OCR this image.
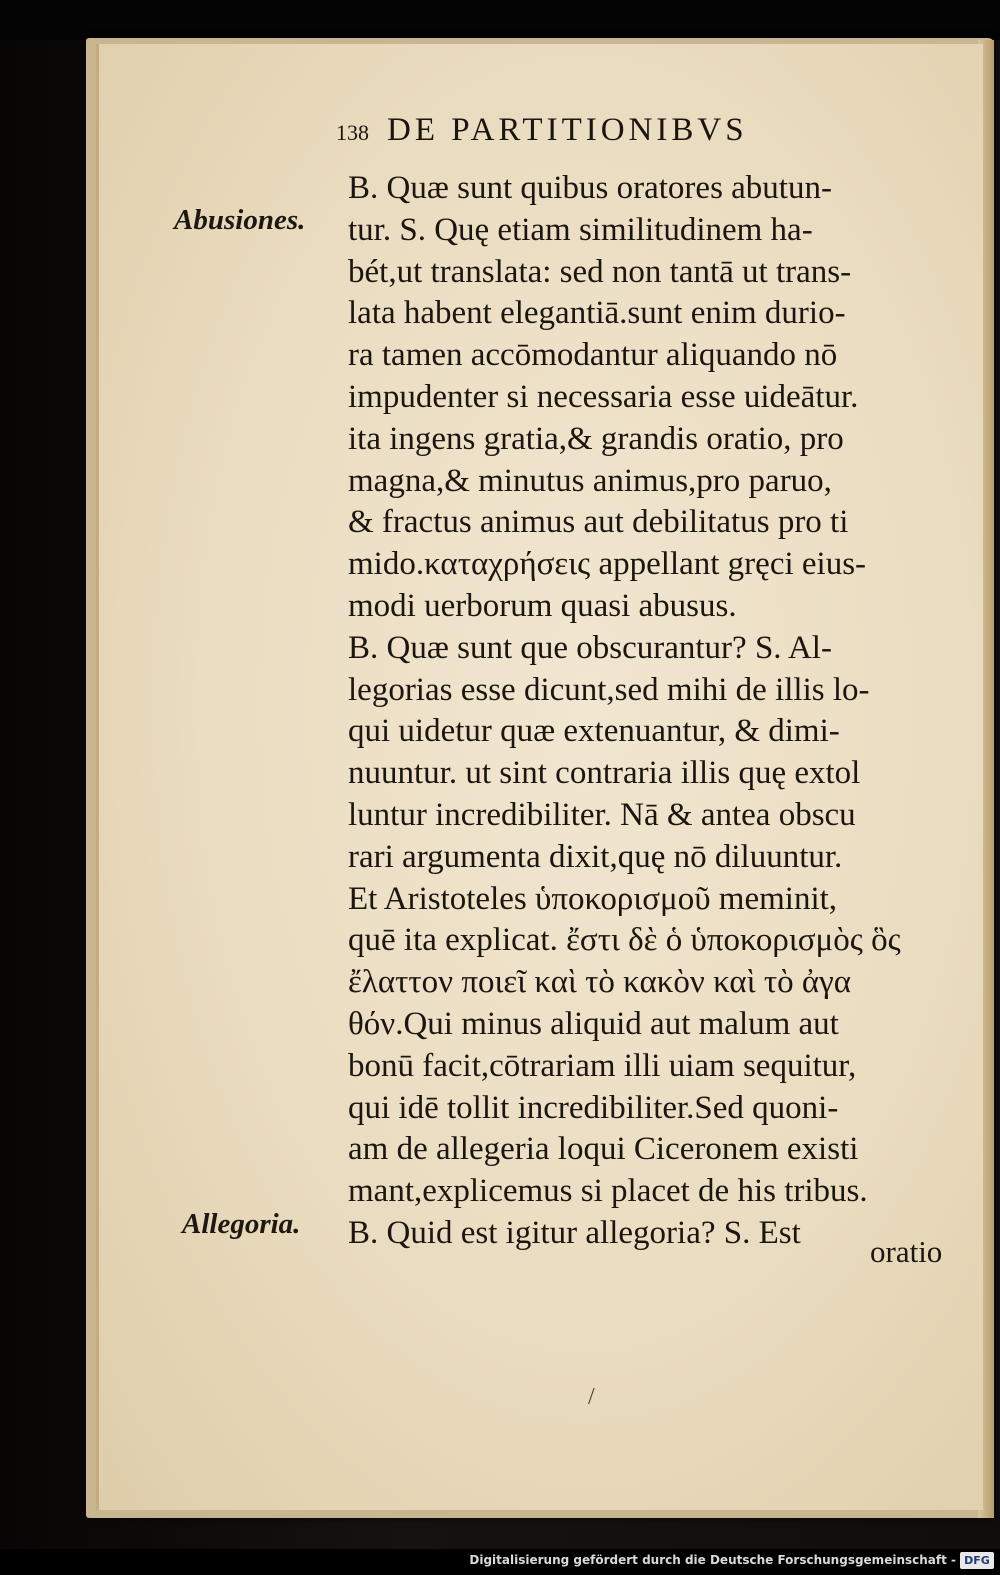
138 DE PARTITIONIBVS
Abusiones.
Allegoria.
B. Quæ sunt quibus oratores abutun-
tur. S. Quę etiam similitudinem ha-
bét,ut translata: sed non tantā ut trans-
lata habent elegantiā.sunt enim durio-
ra tamen accōmodantur aliquando nō
impudenter si necessaria esse uideātur.
ita ingens gratia,& grandis oratio, pro
magna,& minutus animus,pro paruo,
& fractus animus aut debilitatus pro ti
mido.καταχρήσεις appellant gręci eius-
modi uerborum quasi abusus.
B. Quæ sunt que obscurantur? S. Al-
legorias esse dicunt,sed mihi de illis lo-
qui uidetur quæ extenuantur, & dimi-
nuuntur. ut sint contraria illis quę extol
luntur incredibiliter. Nā & antea obscu
rari argumenta dixit,quę nō diluuntur.
Et Aristoteles ὑποκορισμοῦ meminit,
quē ita explicat. ἔστι δὲ ὁ ὑποκορισμὸς ὃς
ἔλαττον ποιεῖ καὶ τὸ κακὸν καὶ τὸ ἀγα
θόν.Qui minus aliquid aut malum aut
bonū facit,cōtrariam illi uiam sequitur,
qui idē tollit incredibiliter.Sed quoni-
am de allegeria loqui Ciceronem existi
mant,explicemus si placet de his tribus.
B. Quid est igitur allegoria? S. Est
oratio
/
Digitalisierung gefördert durch die Deutsche Forschungsgemeinschaft - DFG
